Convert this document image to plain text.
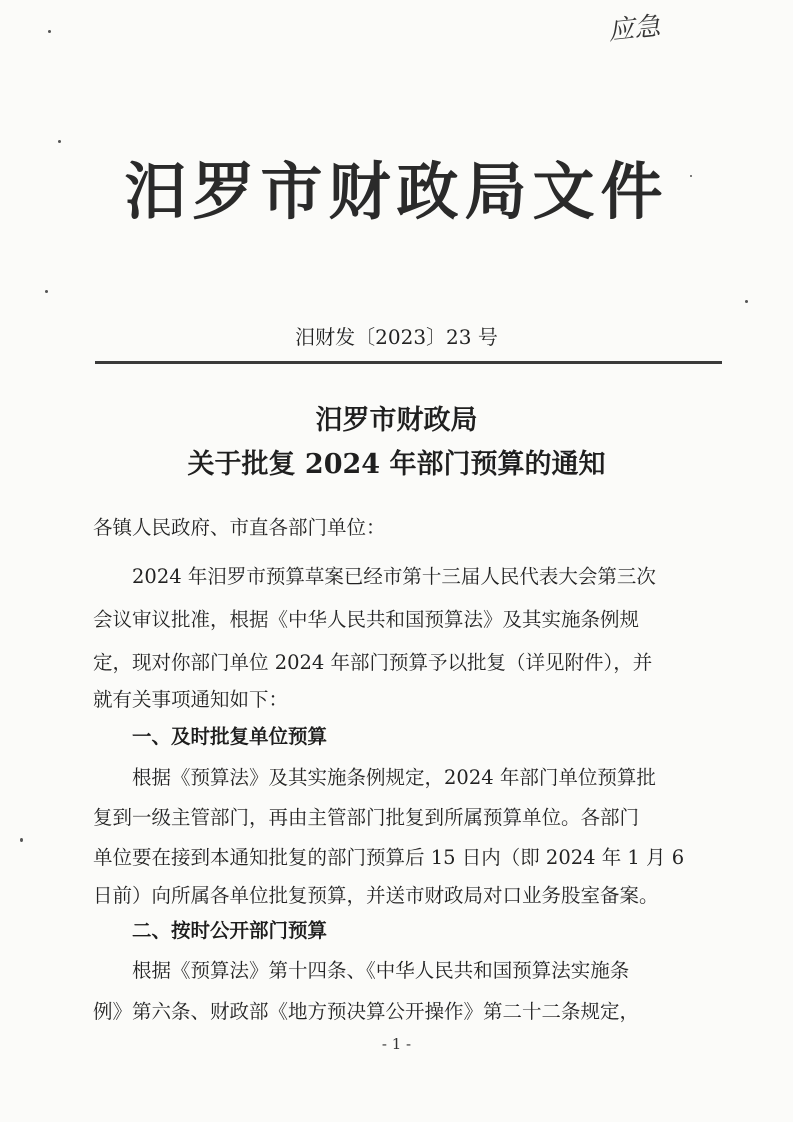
应急
汨罗市财政局文件
汨财发〔2023〕23 号
汨罗市财政局
关于批复 2024 年部门预算的通知
各镇人民政府、市直各部门单位：
　　2024 年汨罗市预算草案已经市第十三届人民代表大会第三次
会议审议批准，根据《中华人民共和国预算法》及其实施条例规
定，现对你部门单位 2024 年部门预算予以批复（详见附件），并
就有关事项通知如下：
一、及时批复单位预算
　　根据《预算法》及其实施条例规定，2024 年部门单位预算批
复到一级主管部门，再由主管部门批复到所属预算单位。各部门
单位要在接到本通知批复的部门预算后 15 日内（即 2024 年 1 月 6
日前）向所属各单位批复预算，并送市财政局对口业务股室备案。
二、按时公开部门预算
　　根据《预算法》第十四条、《中华人民共和国预算法实施条
例》第六条、财政部《地方预决算公开操作》第二十二条规定，
- 1 -
